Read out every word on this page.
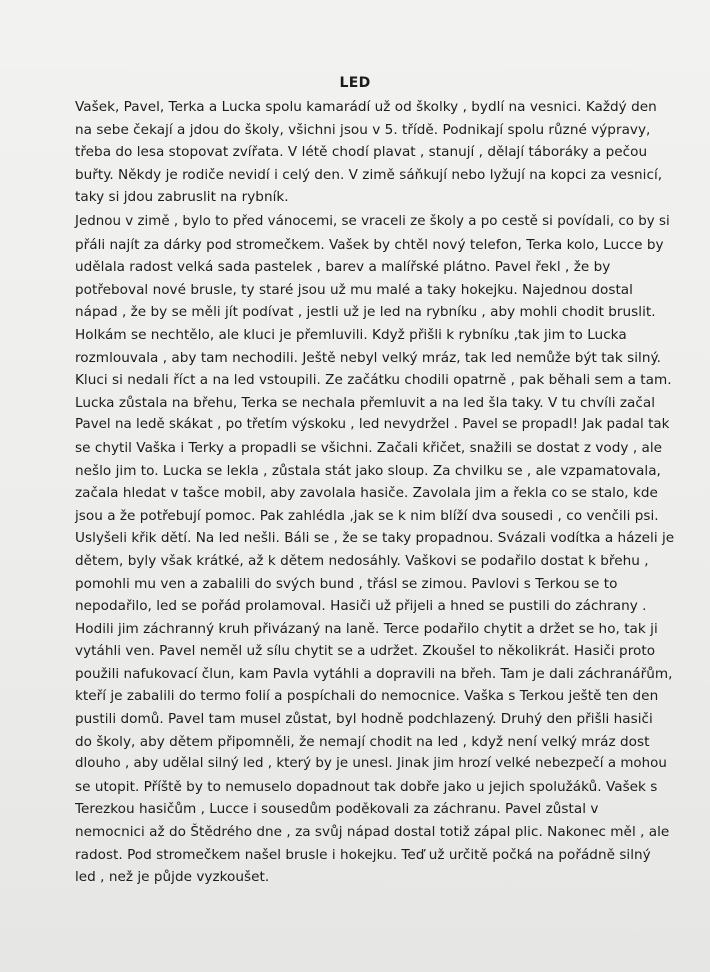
LED

Vašek, Pavel, Terka a Lucka spolu kamarádí už od školky , bydlí na vesnici. Každý den
na sebe čekají a jdou do školy, všichni jsou v 5. třídě. Podnikají spolu různé výpravy,
třeba do lesa stopovat zvířata. V létě chodí plavat , stanují , dělají táboráky a pečou
buřty. Někdy je rodiče nevidí i celý den. V zimě sáňkují nebo lyžují na kopci za vesnicí,
taky si jdou zabruslit na rybník.

Jednou v zimě , bylo to před vánocemi, se vraceli ze školy a po cestě si povídali, co by si
přáli najít za dárky pod stromečkem. Vašek by chtěl nový telefon, Terka kolo, Lucce by
udělala radost velká sada pastelek , barev a malířské plátno. Pavel řekl , že by
potřeboval nové brusle, ty staré jsou už mu malé a taky hokejku. Najednou dostal
nápad , že by se měli jít podívat , jestli už je led na rybníku , aby mohli chodit bruslit.
Holkám se nechtělo, ale kluci je přemluvili. Když přišli k rybníku ,tak jim to Lucka
rozmlouvala , aby tam nechodili. Ještě nebyl velký mráz, tak led nemůže být tak silný.
Kluci si nedali říct a na led vstoupili. Ze začátku chodili opatrně , pak běhali sem a tam.
Lucka zůstala na břehu, Terka se nechala přemluvit a na led šla taky. V tu chvíli začal
Pavel na ledě skákat , po třetím výskoku , led nevydržel . Pavel se propadl! Jak padal tak
se chytil Vaška i Terky a propadli se všichni. Začali křičet, snažili se dostat z vody , ale
nešlo jim to. Lucka se lekla , zůstala stát jako sloup. Za chvilku se , ale vzpamatovala,
začala hledat v tašce mobil, aby zavolala hasiče. Zavolala jim a řekla co se stalo, kde
jsou a že potřebují pomoc. Pak zahlédla ,jak se k nim blíží dva sousedi , co venčili psi.
Uslyšeli křik dětí. Na led nešli. Báli se , že se taky propadnou. Svázali vodítka a házeli je
dětem, byly však krátké, až k dětem nedosáhly. Vaškovi se podařilo dostat k břehu ,
pomohli mu ven a zabalili do svých bund , třásl se zimou. Pavlovi s Terkou se to
nepodařilo, led se pořád prolamoval. Hasiči už přijeli a hned se pustili do záchrany .
Hodili jim záchranný kruh přivázaný na laně. Terce podařilo chytit a držet se ho, tak ji
vytáhli ven. Pavel neměl už sílu chytit se a udržet. Zkoušel to několikrát. Hasiči proto
použili nafukovací člun, kam Pavla vytáhli a dopravili na břeh. Tam je dali záchranářům,
kteří je zabalili do termo folií a pospíchali do nemocnice. Vaška s Terkou ještě ten den
pustili domů. Pavel tam musel zůstat, byl hodně podchlazený. Druhý den přišli hasiči
do školy, aby dětem připomněli, že nemají chodit na led , když není velký mráz dost
dlouho , aby udělal silný led , který by je unesl. Jinak jim hrozí velké nebezpečí a mohou
se utopit. Příště by to nemuselo dopadnout tak dobře jako u jejich spolužáků. Vašek s
Terezkou hasičům , Lucce i sousedům poděkovali za záchranu. Pavel zůstal v
nemocnici až do Štědrého dne , za svůj nápad dostal totiž zápal plic. Nakonec měl , ale
radost. Pod stromečkem našel brusle i hokejku. Teď už určitě počká na pořádně silný
led , než je půjde vyzkoušet.
